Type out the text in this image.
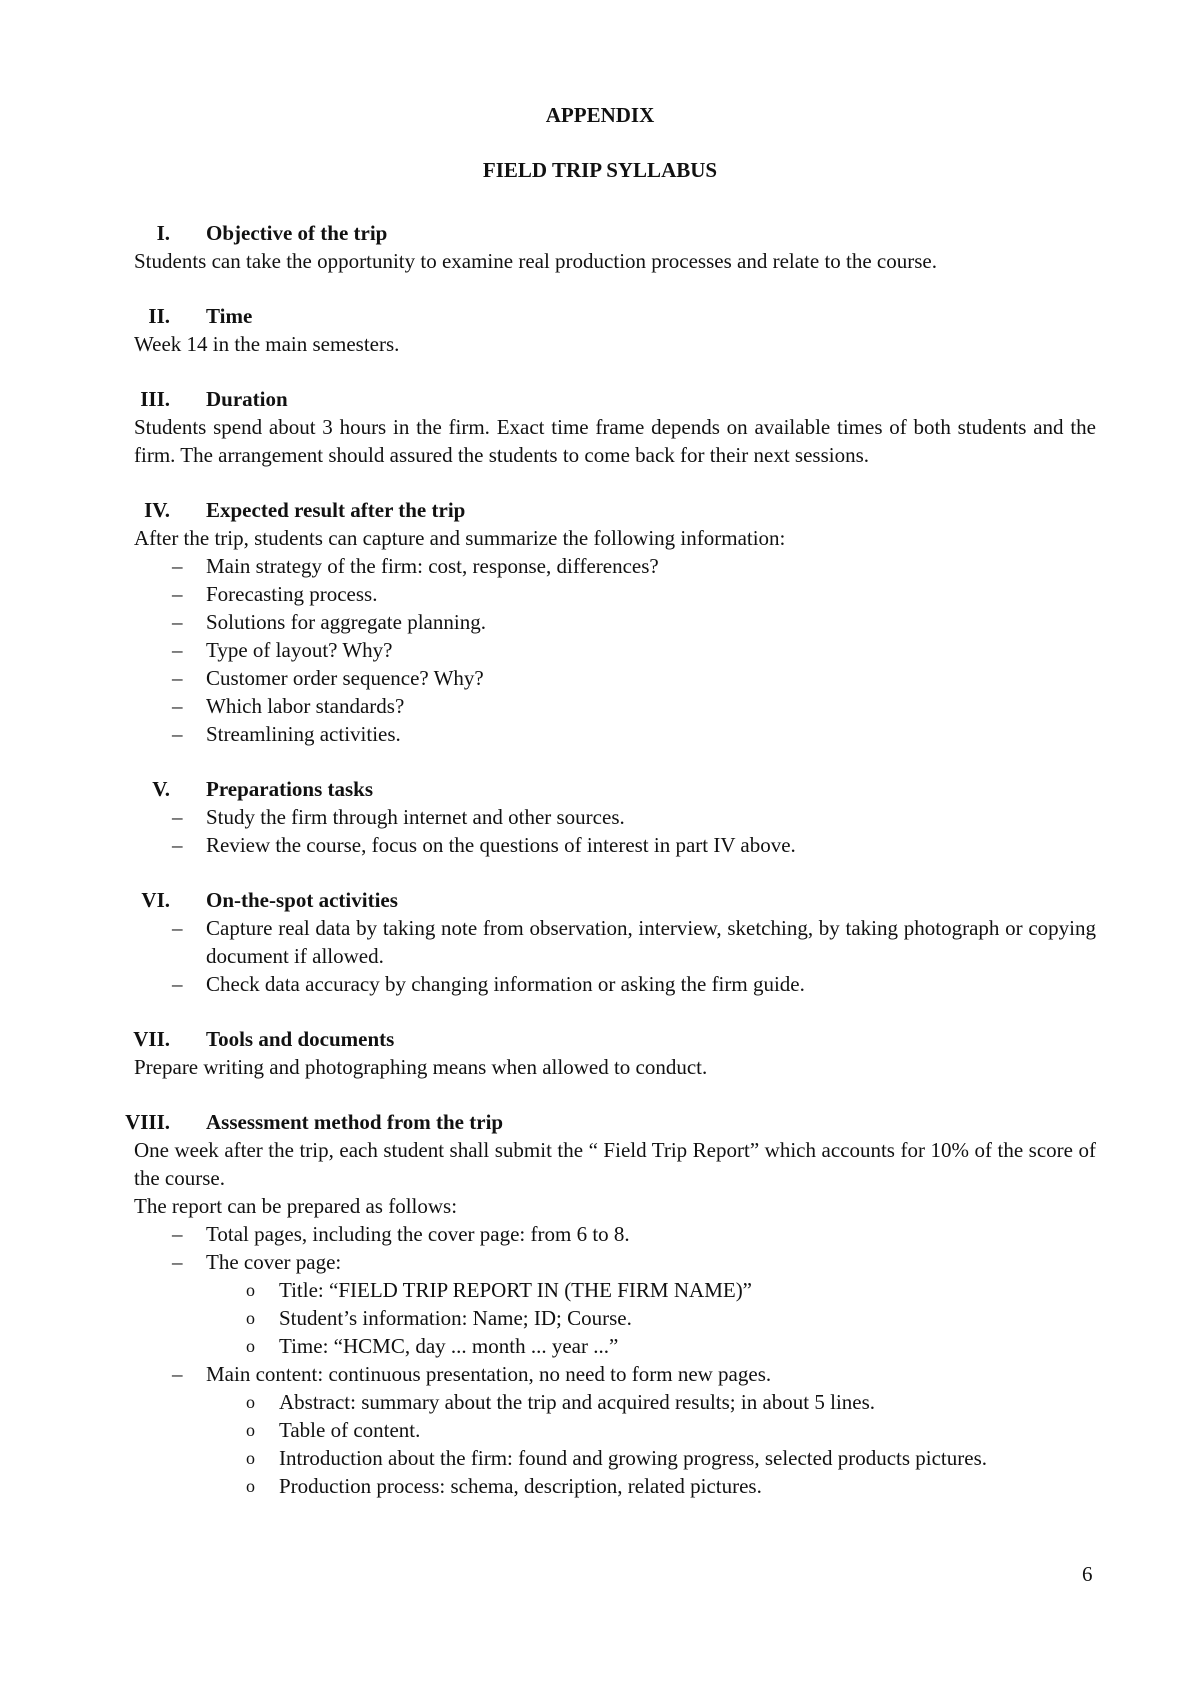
APPENDIX
FIELD TRIP SYLLABUS
I. Objective of the trip
Students can take the opportunity to examine real production processes and relate to the course.
II. Time
Week 14 in the main semesters.
III. Duration
Students spend about 3 hours in the firm. Exact time frame depends on available times of both students and the firm. The arrangement should assured the students to come back for their next sessions.
IV. Expected result after the trip
After the trip, students can capture and summarize the following information:
– Main strategy of the firm: cost, response, differences?
– Forecasting process.
– Solutions for aggregate planning.
– Type of layout? Why?
– Customer order sequence? Why?
– Which labor standards?
– Streamlining activities.
V. Preparations tasks
– Study the firm through internet and other sources.
– Review the course, focus on the questions of interest in part IV above.
VI. On-the-spot activities
– Capture real data by taking note from observation, interview, sketching, by taking photograph or copying document if allowed.
– Check data accuracy by changing information or asking the firm guide.
VII. Tools and documents
Prepare writing and photographing means when allowed to conduct.
VIII. Assessment method from the trip
One week after the trip, each student shall submit the “ Field Trip Report” which accounts for 10% of the score of the course.
The report can be prepared as follows:
– Total pages, including the cover page: from 6 to 8.
– The cover page:
o Title: “FIELD TRIP REPORT IN (THE FIRM NAME)”
o Student’s information: Name; ID; Course.
o Time: “HCMC, day ... month ... year ...”
– Main content: continuous presentation, no need to form new pages.
o Abstract: summary about the trip and acquired results; in about 5 lines.
o Table of content.
o Introduction about the firm: found and growing progress, selected products pictures.
o Production process: schema, description, related pictures.
6
